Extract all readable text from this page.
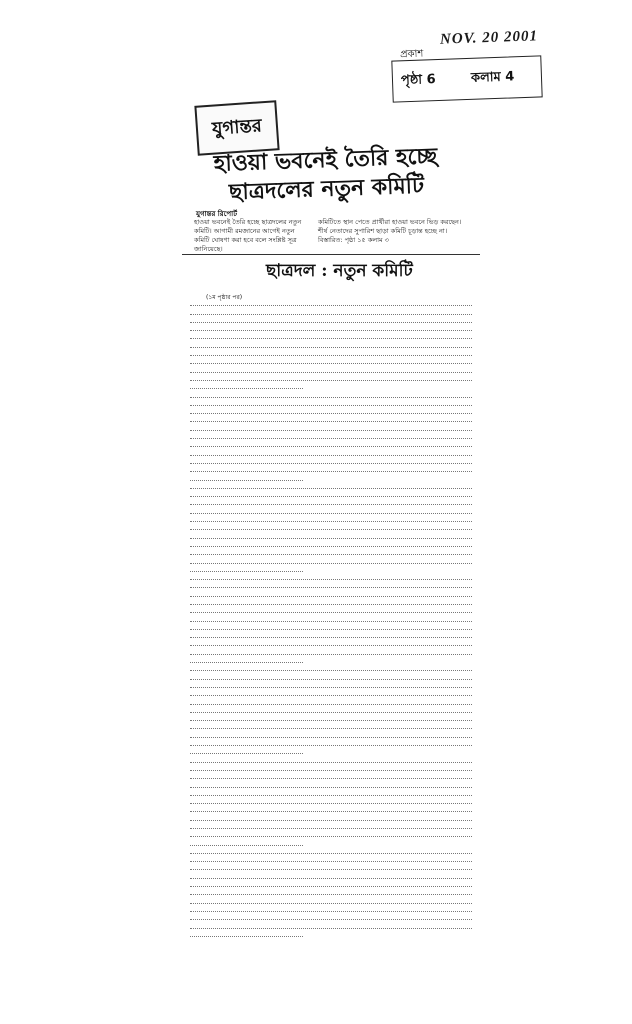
NOV. 20 2001
প্রকাশ
পৃষ্ঠা 6	কলাম 4
যুগান্তর
হাওয়া ভবনেই তৈরি হচ্ছে
ছাত্রদলের নতুন কমিটি
যুগান্তর রিপোর্ট
হাওয়া ভবনেই তৈরি হচ্ছে ছাত্রদলের নতুন কমিটি। আগামী রমজানের আগেই নতুন কমিটি ঘোষণা করা হবে বলে সংশ্লিষ্ট সূত্র জানিয়েছে।
কমিটিতে স্থান পেতে প্রার্থীরা হাওয়া ভবনে ভিড় করছেন। শীর্ষ নেতাদের সুপারিশ ছাড়া কমিটি চূড়ান্ত হচ্ছে না। বিস্তারিত: পৃষ্ঠা ১৫ কলাম ৩
ছাত্রদল : নতুন কমিটি
(১ম পৃষ্ঠার পর)
